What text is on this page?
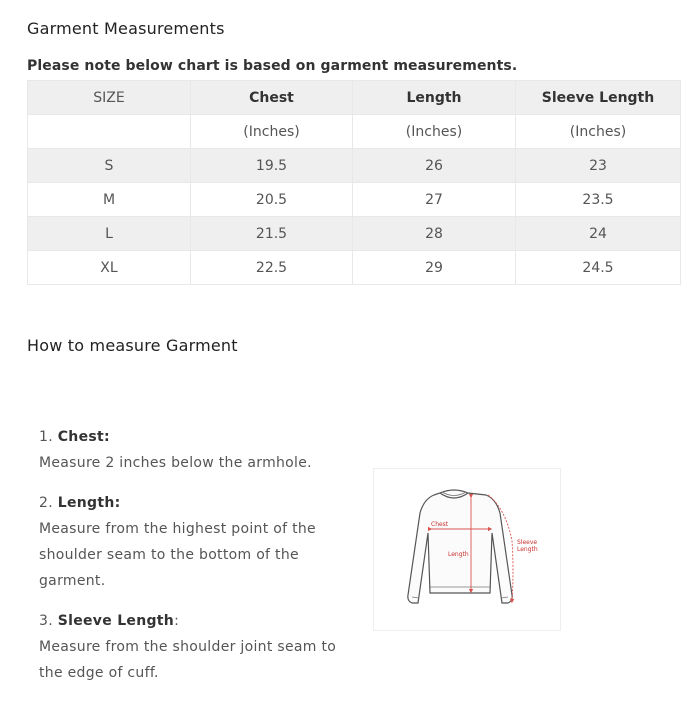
Garment Measurements
Please note below chart is based on garment measurements.
SIZE	Chest	Length	Sleeve Length
	(Inches)	(Inches)	(Inches)
S	19.5	26	23
M	20.5	27	23.5
L	21.5	28	24
XL	22.5	29	24.5
How to measure Garment
1. Chest:
Measure 2 inches below the armhole.
2. Length:
Measure from the highest point of the shoulder seam to the bottom of the garment.
3. Sleeve Length:
Measure from the shoulder joint seam to the edge of cuff.
Chest
Length
Sleeve
Length
